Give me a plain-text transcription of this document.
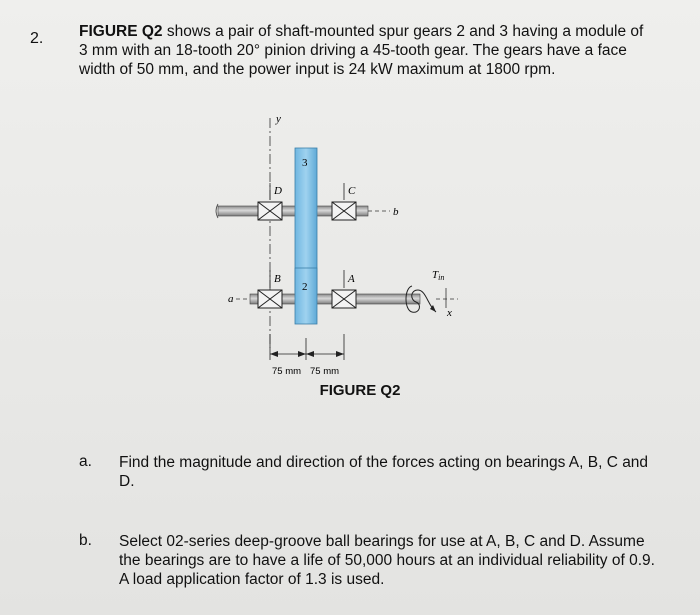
2. FIGURE Q2 shows a pair of shaft-mounted spur gears 2 and 3 having a module of 3 mm with an 18-tooth 20° pinion driving a 45-tooth gear. The gears have a face width of 50 mm, and the power input is 24 kW maximum at 1800 rpm.
y
b
a
3
2
D	C
B	A	Tin
x
75 mm 75 mm
FIGURE Q2
a. Find the magnitude and direction of the forces acting on bearings A, B, C and D.
b. Select 02-series deep-groove ball bearings for use at A, B, C and D. Assume the bearings are to have a life of 50,000 hours at an individual reliability of 0.9. A load application factor of 1.3 is used.
